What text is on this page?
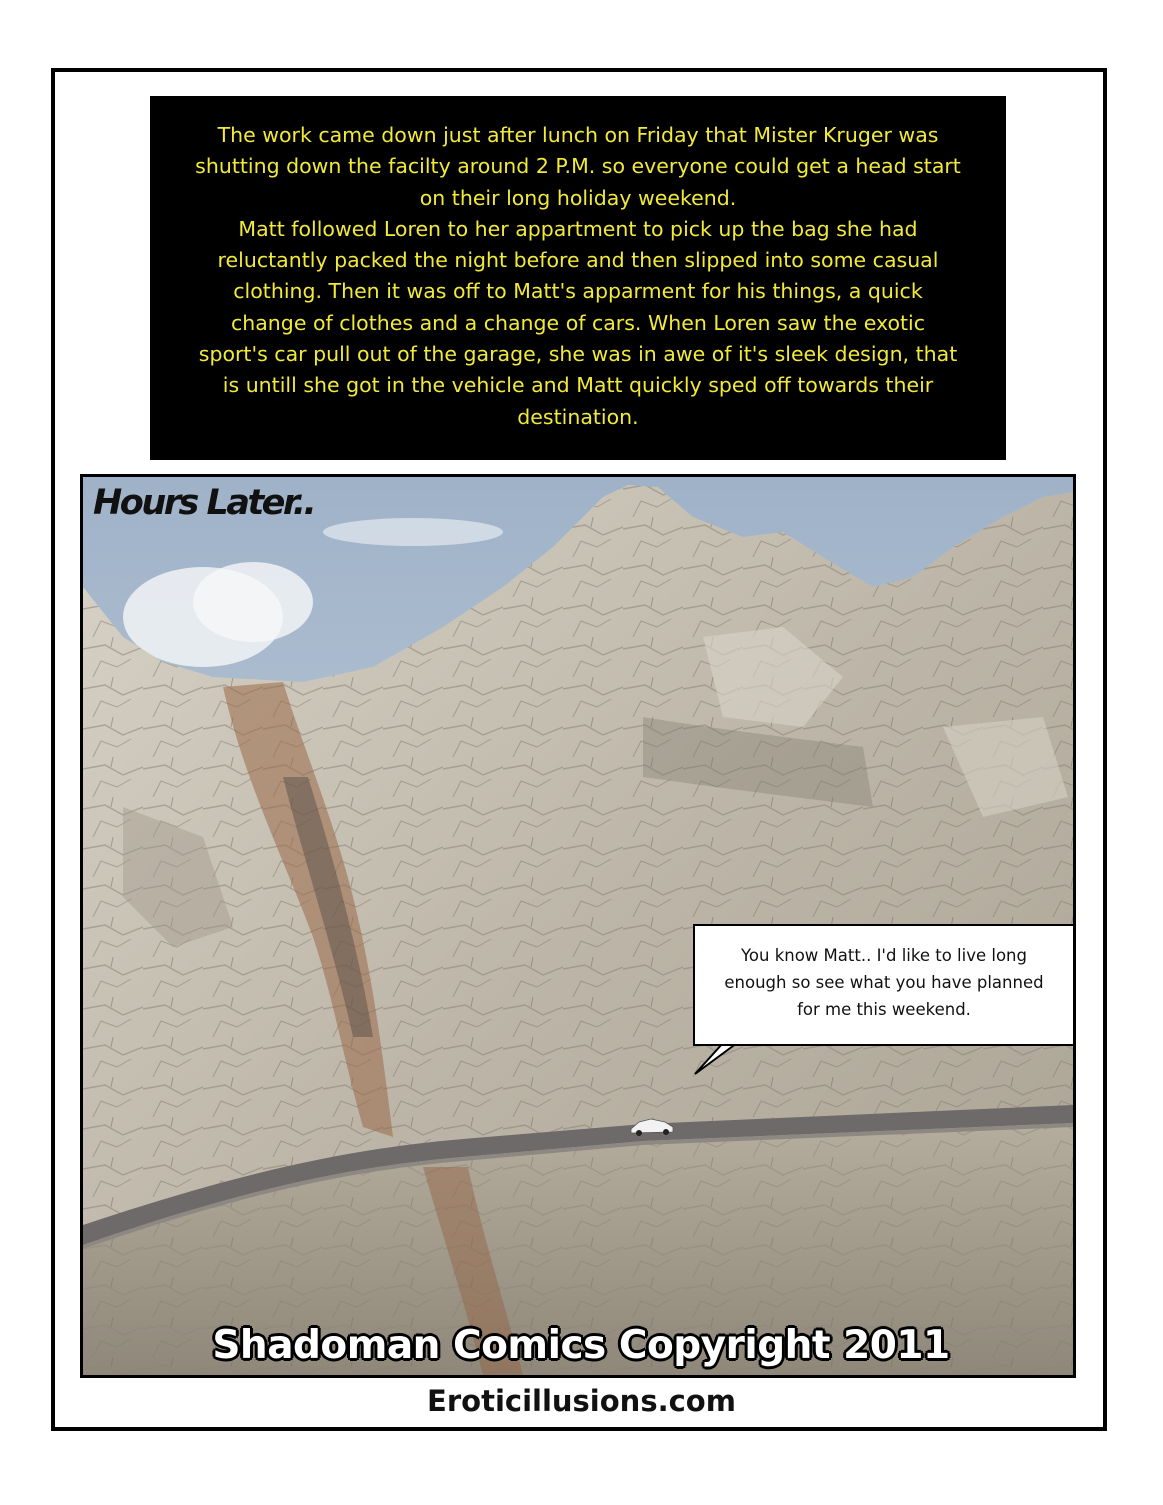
The work came down just after lunch on Friday that Mister Kruger was
shutting down the facilty around 2 P.M. so everyone could get a head start
on their long holiday weekend.
Matt followed Loren to her appartment to pick up the bag she had
reluctantly packed the night before and then slipped into some casual
clothing. Then it was off to Matt's apparment for his things, a quick
change of clothes and a change of cars. When Loren saw the exotic
sport's car pull out of the garage, she was in awe of it's sleek design, that
is untill she got in the vehicle and Matt quickly sped off towards their
destination.
Hours Later..
You know Matt.. I'd like to live long
enough so see what you have planned
for me this weekend.
Shadoman Comics Copyright 2011
Eroticillusions.com
